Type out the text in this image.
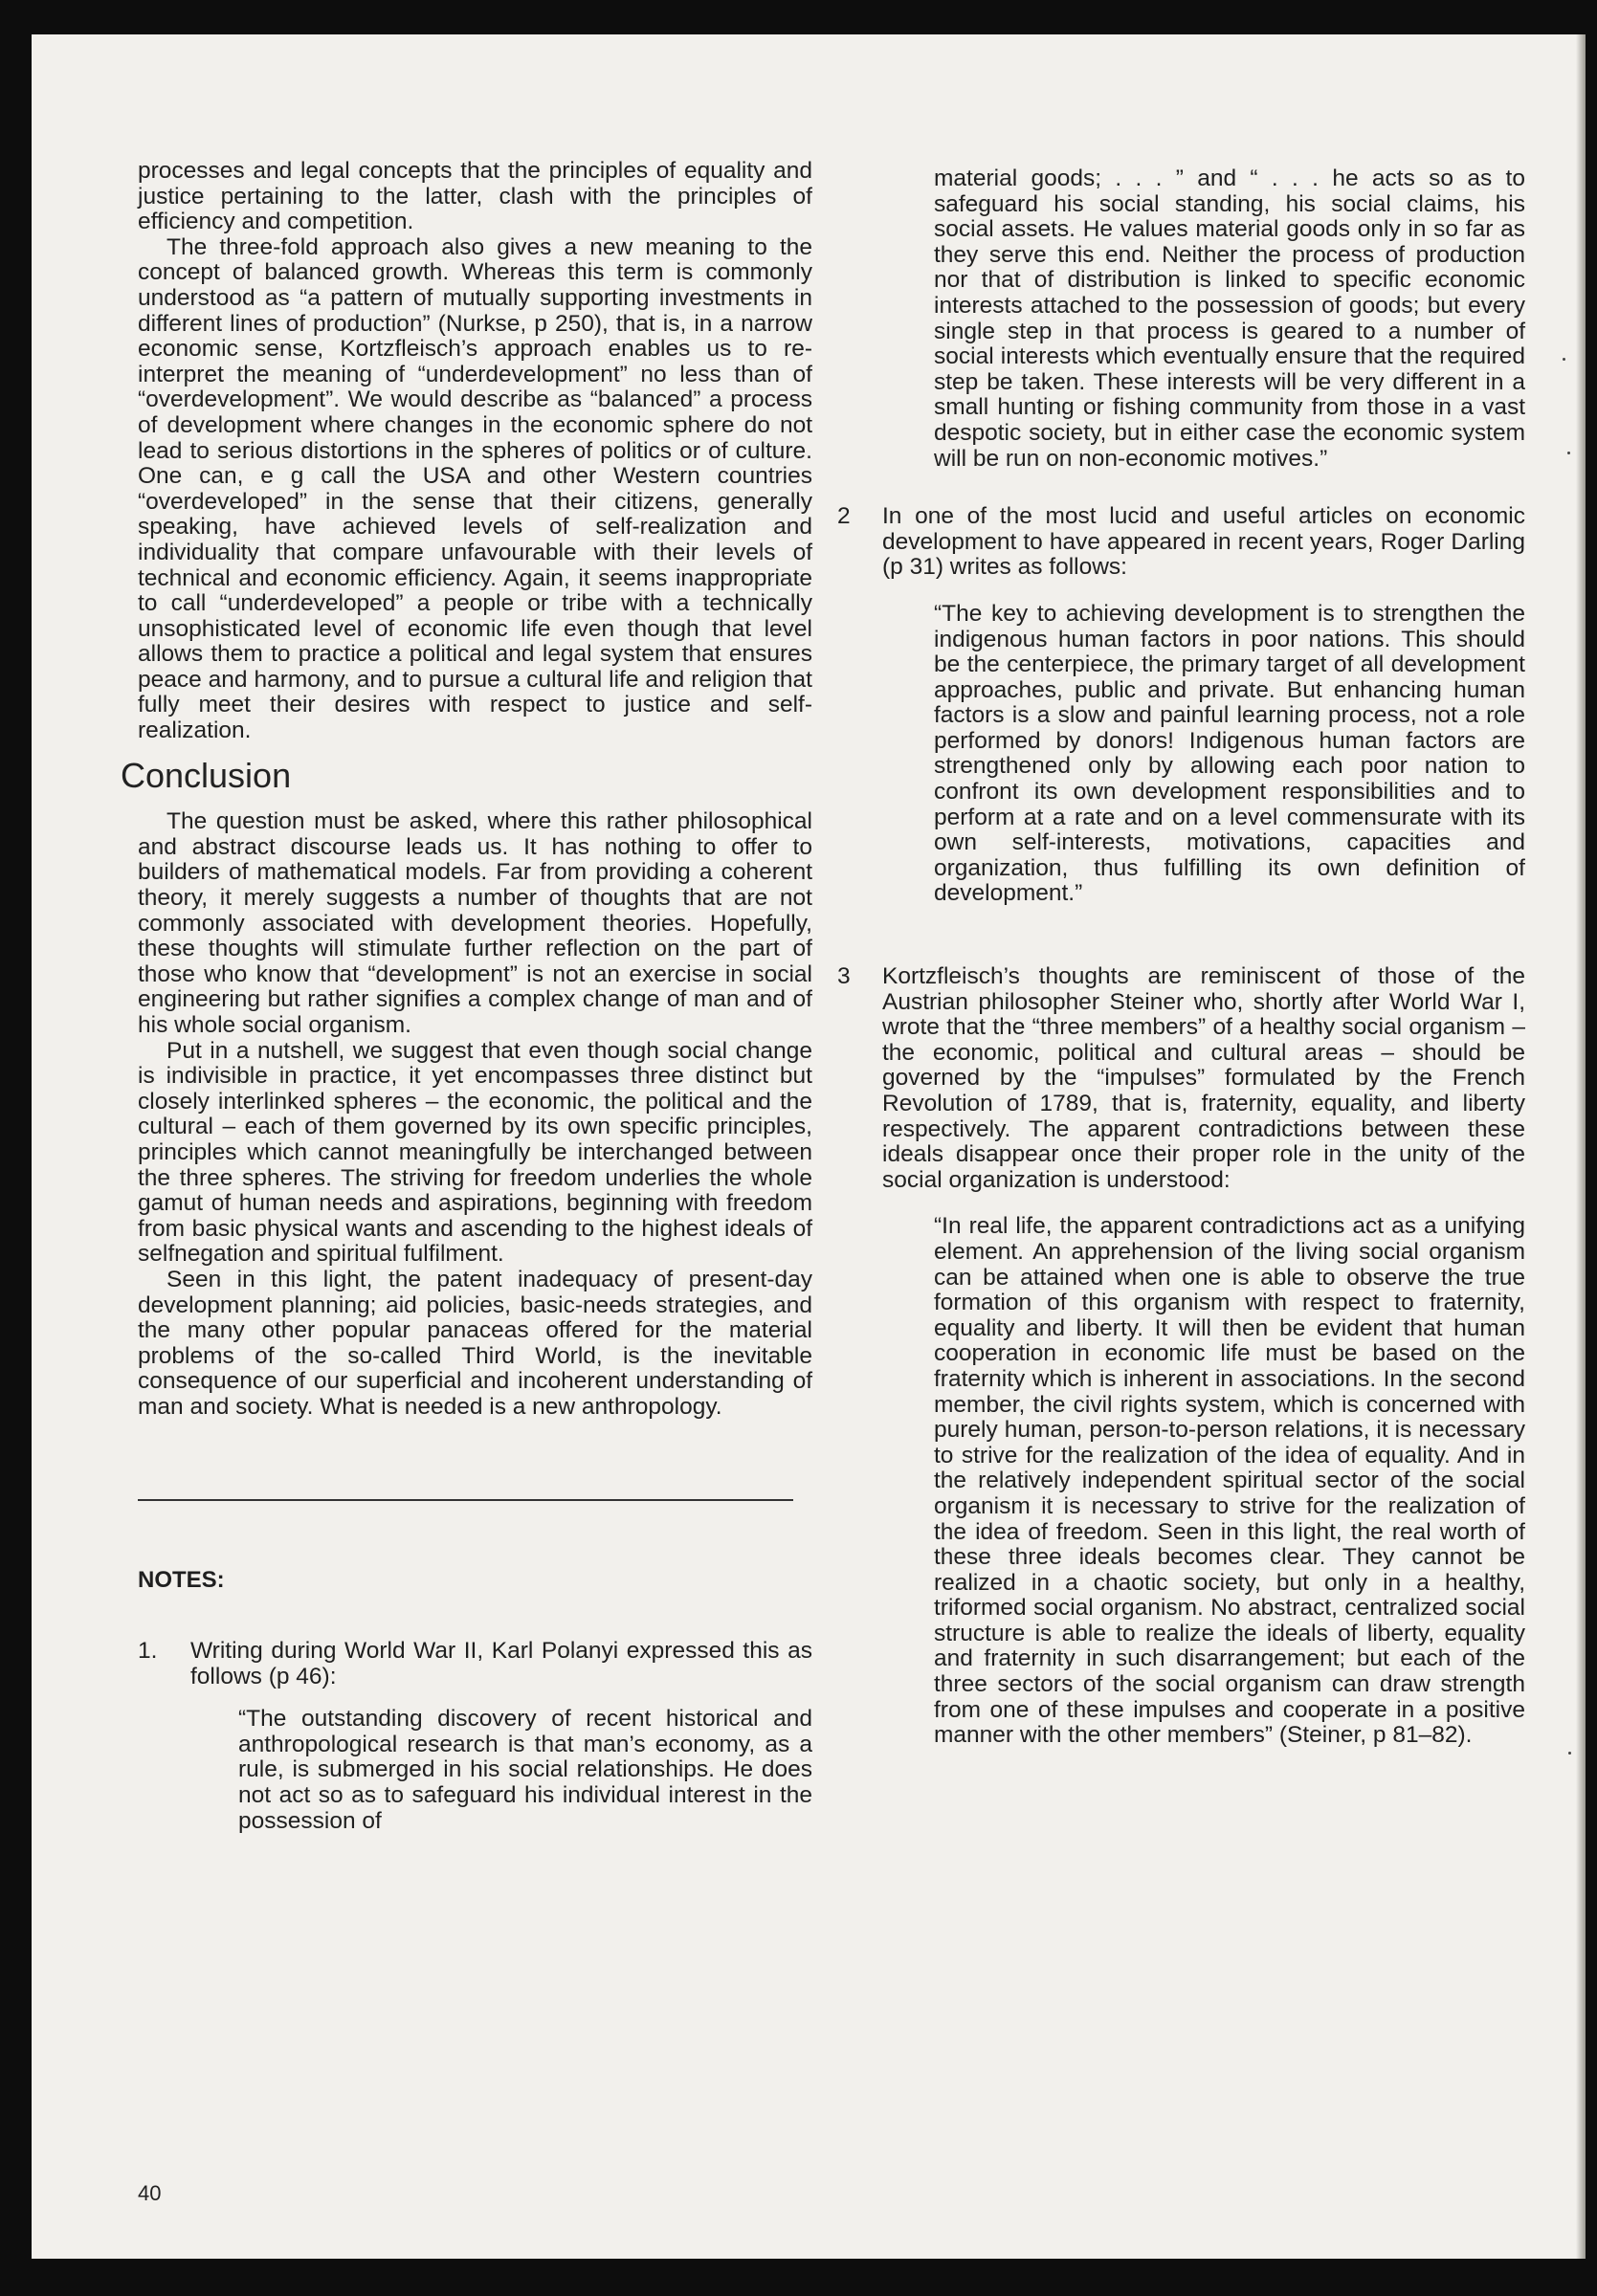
processes and legal concepts that the principles of equality and justice pertaining to the latter, clash with the principles of efficiency and competition.

The three-fold approach also gives a new meaning to the concept of balanced growth. Whereas this term is commonly understood as “a pattern of mutually supporting investments in different lines of production” (Nurkse, p 250), that is, in a narrow economic sense, Kortzfleisch’s approach enables us to re-interpret the meaning of “underdevelopment” no less than of “overdevelopment”. We would describe as “balanced” a process of development where changes in the economic sphere do not lead to serious distortions in the spheres of politics or of culture. One can, e g call the USA and other Western countries “overdeveloped” in the sense that their citizens, generally speaking, have achieved levels of self-realization and individuality that compare unfavourable with their levels of technical and economic efficiency. Again, it seems inappropriate to call “underdeveloped” a people or tribe with a technically unsophisticated level of economic life even though that level allows them to practice a political and legal system that ensures peace and harmony, and to pursue a cultural life and religion that fully meet their desires with respect to justice and self-realization.

Conclusion

The question must be asked, where this rather philosophical and abstract discourse leads us. It has nothing to offer to builders of mathematical models. Far from providing a coherent theory, it merely suggests a number of thoughts that are not commonly associated with development theories. Hopefully, these thoughts will stimulate further reflection on the part of those who know that “development” is not an exercise in social engineering but rather signifies a complex change of man and of his whole social organism.

Put in a nutshell, we suggest that even though social change is indivisible in practice, it yet encompasses three distinct but closely interlinked spheres – the economic, the political and the cultural – each of them governed by its own specific principles, principles which cannot meaningfully be interchanged between the three spheres. The striving for freedom underlies the whole gamut of human needs and aspirations, beginning with freedom from basic physical wants and ascending to the highest ideals of selfnegation and spiritual fulfilment.

Seen in this light, the patent inadequacy of present-day development planning; aid policies, basic-needs strategies, and the many other popular panaceas offered for the material problems of the so-called Third World, is the inevitable consequence of our superficial and incoherent understanding of man and society. What is needed is a new anthropology.

NOTES:
1. Writing during World War II, Karl Polanyi expressed this as follows (p 46):

“The outstanding discovery of recent historical and anthropological research is that man’s economy, as a rule, is submerged in his social relationships. He does not act so as to safeguard his individual interest in the possession of

material goods; . . . ” and “ . . . he acts so as to safeguard his social standing, his social claims, his social assets. He values material goods only in so far as they serve this end. Neither the process of production nor that of distribution is linked to specific economic interests attached to the possession of goods; but every single step in that process is geared to a number of social interests which eventually ensure that the required step be taken. These interests will be very different in a small hunting or fishing community from those in a vast despotic society, but in either case the economic system will be run on non-economic motives.”

2 In one of the most lucid and useful articles on economic development to have appeared in recent years, Roger Darling (p 31) writes as follows:

“The key to achieving development is to strengthen the indigenous human factors in poor nations. This should be the centerpiece, the primary target of all development approaches, public and private. But enhancing human factors is a slow and painful learning process, not a role performed by donors! Indigenous human factors are strengthened only by allowing each poor nation to confront its own development responsibilities and to perform at a rate and on a level commensurate with its own self-interests, motivations, capacities and organization, thus fulfilling its own definition of development.”

3 Kortzfleisch’s thoughts are reminiscent of those of the Austrian philosopher Steiner who, shortly after World War I, wrote that the “three members” of a healthy social organism – the economic, political and cultural areas – should be governed by the “impulses” formulated by the French Revolution of 1789, that is, fraternity, equality, and liberty respectively. The apparent contradictions between these ideals disappear once their proper role in the unity of the social organization is understood:

“In real life, the apparent contradictions act as a unifying element. An apprehension of the living social organism can be attained when one is able to observe the true formation of this organism with respect to fraternity, equality and liberty. It will then be evident that human cooperation in economic life must be based on the fraternity which is inherent in associations. In the second member, the civil rights system, which is concerned with purely human, person-to-person relations, it is necessary to strive for the realization of the idea of equality. And in the relatively independent spiritual sector of the social organism it is necessary to strive for the realization of the idea of freedom. Seen in this light, the real worth of these three ideals becomes clear. They cannot be realized in a chaotic society, but only in a healthy, triformed social organism. No abstract, centralized social structure is able to realize the ideals of liberty, equality and fraternity in such disarrangement; but each of the three sectors of the social organism can draw strength from one of these impulses and cooperate in a positive manner with the other members” (Steiner, p 81–82).

40
